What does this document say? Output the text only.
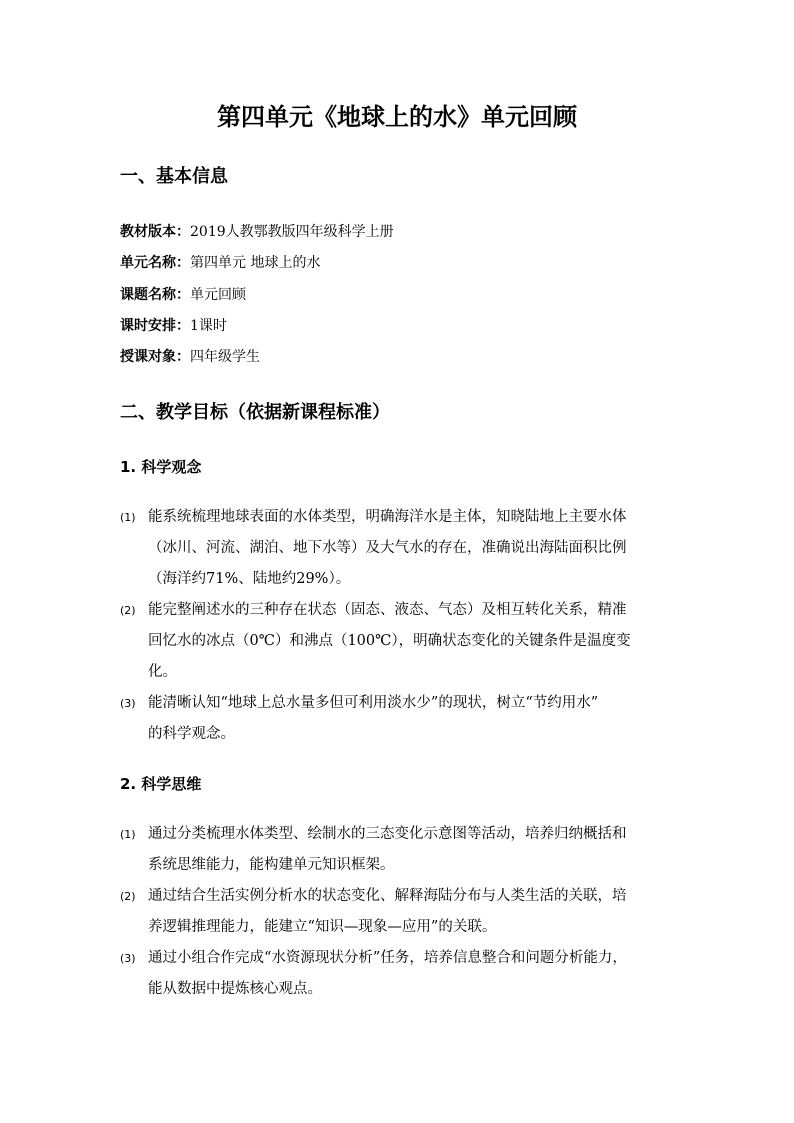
第四单元《地球上的水》单元回顾
一、基本信息
教材版本：2019人教鄂教版四年级科学上册
单元名称：第四单元 地球上的水
课题名称：单元回顾
课时安排：1课时
授课对象：四年级学生
二、教学目标（依据新课程标准）
1. 科学观念
(1) 能系统梳理地球表面的水体类型，明确海洋水是主体，知晓陆地上主要水体
（冰川、河流、湖泊、地下水等）及大气水的存在，准确说出海陆面积比例
（海洋约71%、陆地约29%）。
(2) 能完整阐述水的三种存在状态（固态、液态、气态）及相互转化关系，精准
回忆水的冰点（0℃）和沸点（100℃），明确状态变化的关键条件是温度变
化。
(3) 能清晰认知“地球上总水量多但可利用淡水少”的现状，树立“节约用水”
的科学观念。
2. 科学思维
(1) 通过分类梳理水体类型、绘制水的三态变化示意图等活动，培养归纳概括和
系统思维能力，能构建单元知识框架。
(2) 通过结合生活实例分析水的状态变化、解释海陆分布与人类生活的关联，培
养逻辑推理能力，能建立“知识—现象—应用”的关联。
(3) 通过小组合作完成“水资源现状分析”任务，培养信息整合和问题分析能力，
能从数据中提炼核心观点。
